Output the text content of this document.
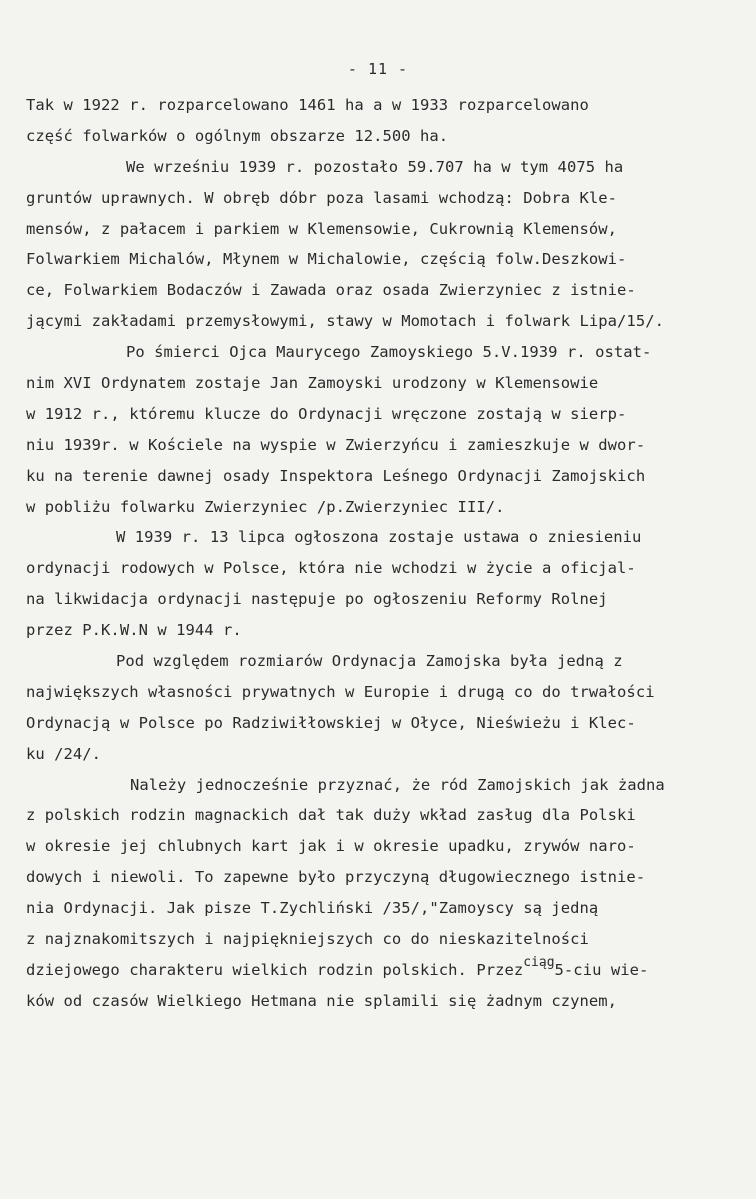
- 11 -
Tak w 1922 r. rozparcelowano 1461 ha a w 1933 rozparcelowano
część folwarków o ogólnym obszarze 12.500 ha.
We wrześniu 1939 r. pozostało 59.707 ha w tym 4075 ha
gruntów uprawnych. W obręb dóbr poza lasami wchodzą: Dobra Kle-
mensów, z pałacem i parkiem w Klemensowie, Cukrownią Klemensów,
Folwarkiem Michalów, Młynem w Michalowie, częścią folw.Deszkowi-
ce, Folwarkiem Bodaczów i Zawada oraz osada Zwierzyniec z istnie-
jącymi zakładami przemysłowymi, stawy w Momotach i folwark Lipa/15/.
Po śmierci Ojca Maurycego Zamoyskiego 5.V.1939 r. ostat-
nim XVI Ordynatem zostaje Jan Zamoyski urodzony w Klemensowie
w 1912 r., któremu klucze do Ordynacji wręczone zostają w sierp-
niu 1939r. w Kościele na wyspie w Zwierzyńcu i zamieszkuje w dwor-
ku na terenie dawnej osady Inspektora Leśnego Ordynacji Zamojskich
w pobliżu folwarku Zwierzyniec /p.Zwierzyniec III/.
W 1939 r. 13 lipca ogłoszona zostaje ustawa o zniesieniu
ordynacji rodowych w Polsce, która nie wchodzi w życie a oficjal-
na likwidacja ordynacji następuje po ogłoszeniu Reformy Rolnej
przez P.K.W.N w 1944 r.
Pod względem rozmiarów Ordynacja Zamojska była jedną z
największych własności prywatnych w Europie i drugą co do trwałości
Ordynacją w Polsce po Radziwiłłowskiej w Ołyce, Nieświeżu i Klec-
ku /24/.
Należy jednocześnie przyznać, że ród Zamojskich jak żadna
z polskich rodzin magnackich dał tak duży wkład zasług dla Polski
w okresie jej chlubnych kart jak i w okresie upadku, zrywów naro-
dowych i niewoli. To zapewne było przyczyną długowiecznego istnie-
nia Ordynacji. Jak pisze T.Zychliński /35/,"Zamoyscy są jedną
z najznakomitszych i najpiękniejszych co do nieskazitelności
dziejowego charakteru wielkich rodzin polskich. Przez$^{ciąg}$5-ciu wie-
ków od czasów Wielkiego Hetmana nie splamili się żadnym czynem,
